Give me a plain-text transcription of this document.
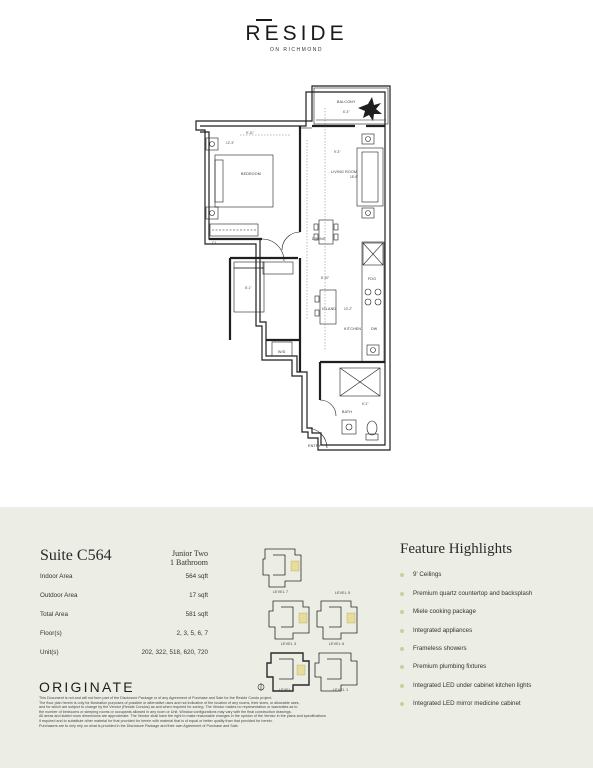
RESIDE
ON RICHMOND
BALCONY
6'-3"
BEDROOM
9'-11"
12'-3"
LIVING ROOM
9'-3"
18'-6"
DINING
ISLAND
KITCHEN
10'-2"
8'-10"
8'-1"
W/D
BATH
6'-2"
ENTRY
CL
DW
FDG
Suite C564	Junior Two
1 Bathroom
Indoor Area	564 sqft
Outdoor Area	17 sqft
Total Area	581 sqft
Floor(s)	2, 3, 5, 6, 7
Unit(s)	202, 322, 518, 620, 720
ORIGINATE
This Document is not and will not form part of the Disclosure Package or of any Agreement of Purchase and Sale for the Reside Condo project.
The floor plan herein is only for illustration purposes of possible or alternative uses and not indicative of the location of any rooms, their sizes, or allowable uses,
and for which are subject to change by the Vendor (Reside Condos) as and when required for zoning. The Vendor makes no representation or warranties as to
the number of bedrooms or sleeping rooms or occupants allowed in any room or Unit. Window configurations may vary with the final construction drawings.
All areas and stated room dimensions are approximate. The Vendor shall have the right to make reasonable changes in the opinion of the Vendor in the plans and specifications
if required and to substitute other material for that provided for herein with material that is of equal or better quality than that provided for herein.
Purchasers are to only rely on what is provided in the Disclosure Package and their own Agreement of Purchase and Sale.
LEVEL 7
LEVEL 3	LEVEL 6
LEVEL 5
LEVEL 2	LEVEL 1
Feature Highlights
9' Ceilings
Premium quartz countertop and backsplash
Miele cooking package
Integrated appliances
Frameless showers
Premium plumbing fixtures
Integrated LED under cabinet kitchen lights
Integrated LED mirror medicine cabinet
